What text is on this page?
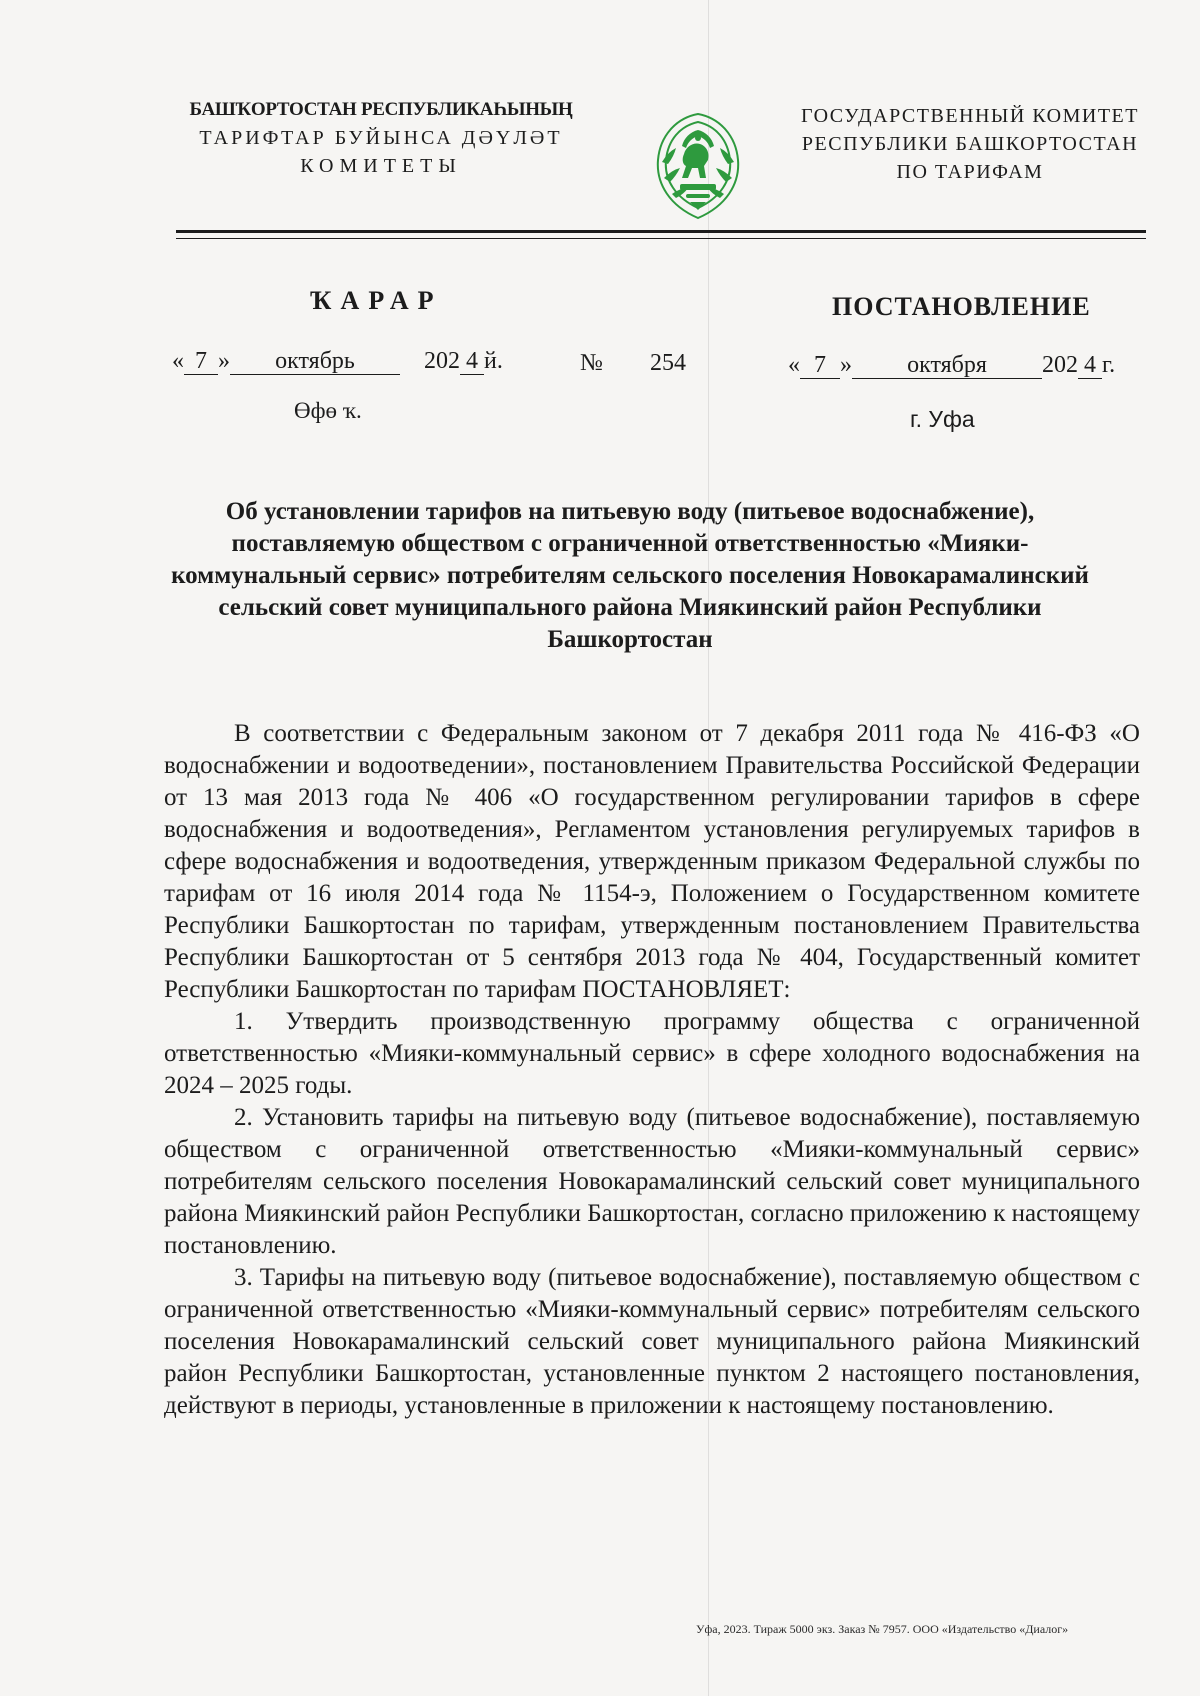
БАШҠОРТОСТАН РЕСПУБЛИКАҺЫНЫҢ
ТАРИФТАР БУЙЫНСА ДӘҮЛӘТ
КОМИТЕТЫ
ГОСУДАРСТВЕННЫЙ КОМИТЕТ
РЕСПУБЛИКИ БАШКОРТОСТАН
ПО ТАРИФАМ
ҠАРАР	ПОСТАНОВЛЕНИЕ
« 7 » октябрь	202 4 й.	№ 254	« 7 » октября 202 4 г.
Өфө ҡ.	г. Уфа
Об установлении тарифов на питьевую воду (питьевое водоснабжение), поставляемую обществом с ограниченной ответственностью «Мияки-коммунальный сервис» потребителям сельского поселения Новокарамалинский сельский совет муниципального района Миякинский район Республики Башкортостан

В соответствии с Федеральным законом от 7 декабря 2011 года № 416-ФЗ «О водоснабжении и водоотведении», постановлением Правительства Российской Федерации от 13 мая 2013 года № 406 «О государственном регулировании тарифов в сфере водоснабжения и водоотведения», Регламентом установления регулируемых тарифов в сфере водоснабжения и водоотведения, утвержденным приказом Федеральной службы по тарифам от 16 июля 2014 года № 1154-э, Положением о Государственном комитете Республики Башкортостан по тарифам, утвержденным постановлением Правительства Республики Башкортостан от 5 сентября 2013 года № 404, Государственный комитет Республики Башкортостан по тарифам ПОСТАНОВЛЯЕТ:

1. Утвердить производственную программу общества с ограниченной ответственностью «Мияки-коммунальный сервис» в сфере холодного водоснабжения на 2024 – 2025 годы.

2. Установить тарифы на питьевую воду (питьевое водоснабжение), поставляемую обществом с ограниченной ответственностью «Мияки-коммунальный сервис» потребителям сельского поселения Новокарамалинский сельский совет муниципального района Миякинский район Республики Башкортостан, согласно приложению к настоящему постановлению.

3. Тарифы на питьевую воду (питьевое водоснабжение), поставляемую обществом с ограниченной ответственностью «Мияки-коммунальный сервис» потребителям сельского поселения Новокарамалинский сельский совет муниципального района Миякинский район Республики Башкортостан, установленные пунктом 2 настоящего постановления, действуют в периоды, установленные в приложении к настоящему постановлению.

Уфа, 2023. Тираж 5000 экз. Заказ № 7957. ООО «Издательство «Диалог»
